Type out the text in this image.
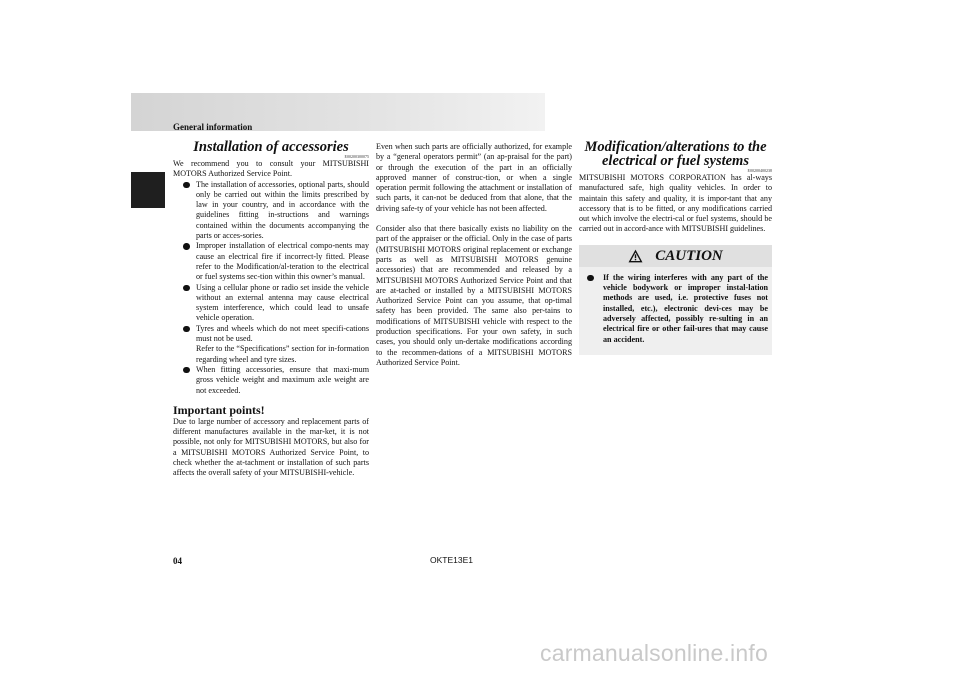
General information
Installation of accessories

E00200300075

We recommend you to consult your MITSUBISHI MOTORS Authorized Service Point.

The installation of accessories, optional parts, should only be carried out within the limits prescribed by law in your country, and in accordance with the guidelines fitting in-structions and warnings contained within the documents accompanying the parts or acces-sories.
Improper installation of electrical compo-nents may cause an electrical fire if incorrect-ly fitted. Please refer to the Modification/al-teration to the electrical or fuel systems sec-tion within this owner’s manual.
Using a cellular phone or radio set inside the vehicle without an external antenna may cause electrical system interference, which could lead to unsafe vehicle operation.
Tyres and wheels which do not meet specifi-cations must not be used.
Refer to the “Specifications” section for in-formation regarding wheel and tyre sizes.
When fitting accessories, ensure that maxi-mum gross vehicle weight and maximum axle weight are not exceeded.
Important points!

Due to large number of accessory and replacement parts of different manufactures available in the mar-ket, it is not possible, not only for MITSUBISHI MOTORS, but also for a MITSUBISHI MOTORS Authorized Service Point, to check whether the at-tachment or installation of such parts affects the overall safety of your MITSUBISHI-vehicle.

Even when such parts are officially authorized, for example by a “general operators permit” (an ap-praisal for the part) or through the execution of the part in an officially approved manner of construc-tion, or when a single operation permit following the attachment or installation of such parts, it can-not be deduced from that alone, that the driving safe-ty of your vehicle has not been affected.

Consider also that there basically exists no liability on the part of the appraiser or the official. Only in the case of parts (MITSUBISHI MOTORS original replacement or exchange parts as well as MITSUBISHI MOTORS genuine accessories) that are recommended and released by a MITSUBISHI MOTORS Authorized Service Point and that are at-tached or installed by a MITSUBISHI MOTORS Authorized Service Point can you assume, that op-timal safety has been provided. The same also per-tains to modifications of MITSUBISHI vehicle with respect to the production specifications. For your own safety, in such cases, you should only un-dertake modifications according to the recommen-dations of a MITSUBISHI MOTORS Authorized Service Point.

Modification/alterations to the
electrical or fuel systems

E00200400238

MITSUBISHI MOTORS CORPORATION has al-ways manufactured safe, high quality vehicles. In order to maintain this safety and quality, it is impor-tant that any accessory that is to be fitted, or any modifications carried out which involve the electri-cal or fuel systems, should be carried out in accord-ance with MITSUBISHI guidelines.

CAUTION
If the wiring interferes with any part of the vehicle bodywork or improper instal-lation methods are used, i.e. protective fuses not installed, etc.), electronic devi-ces may be adversely affected, possibly re-sulting in an electrical fire or other fail-ures that may cause an accident.
04	OKTE13E1
carmanualsonline.info
